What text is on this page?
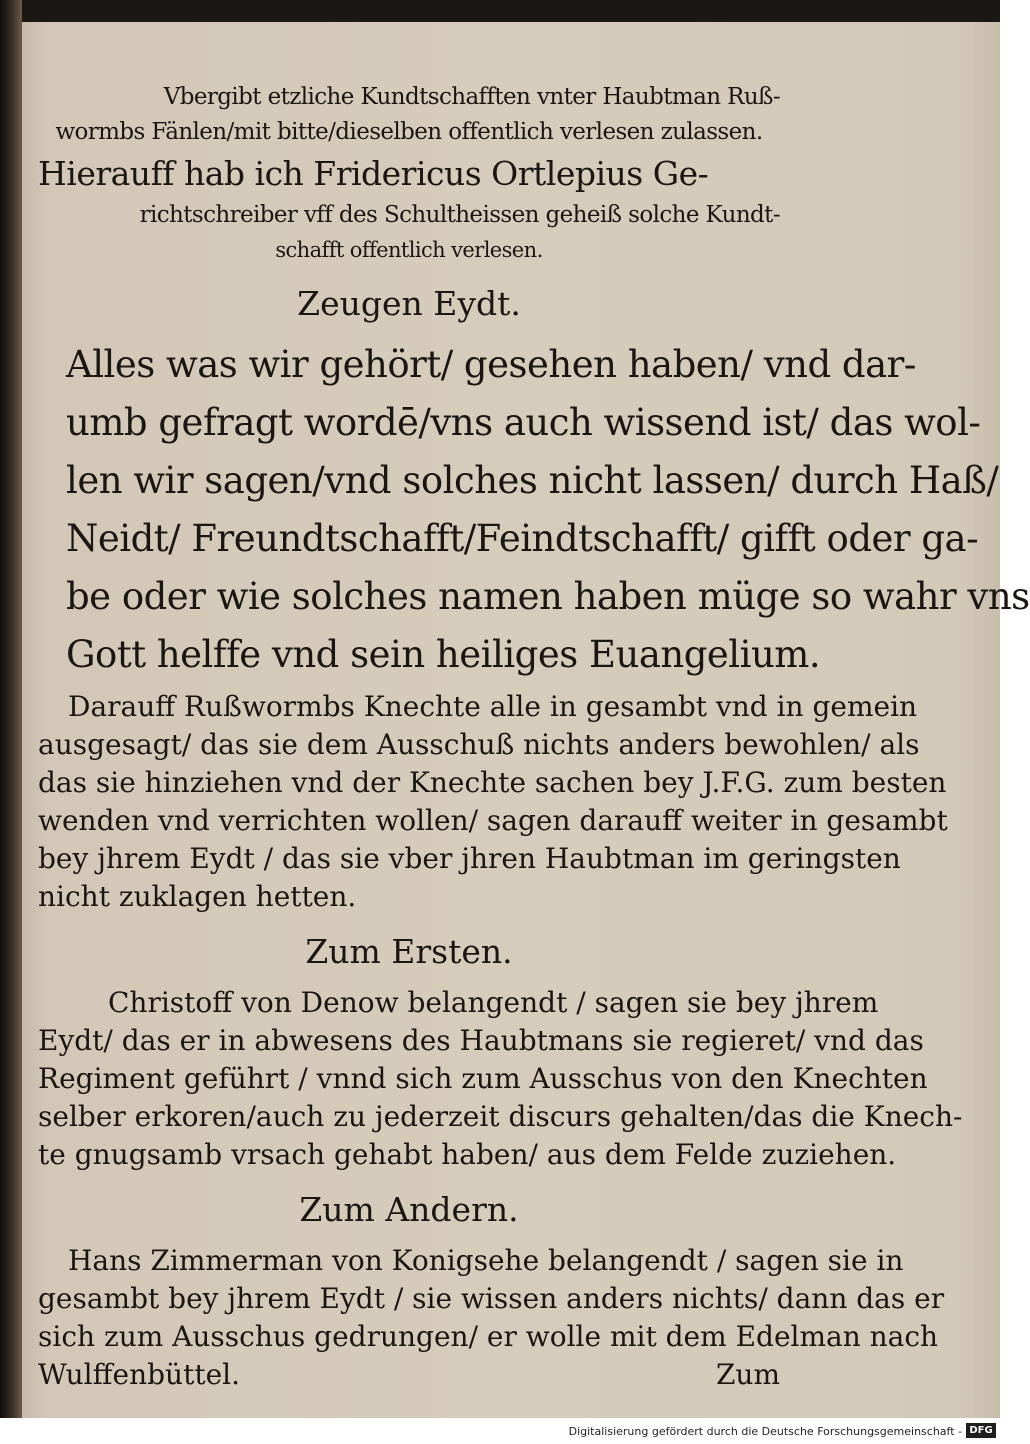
Vbergibt etzliche Kundtschafften vnter Haubtman Ruß-
wormbs Fänlen/mit bitte/dieselben offentlich verlesen zulassen.
Hierauff hab ich Fridericus Ortlepius Ge-
richtschreiber vff des Schultheissen geheiß solche Kundt-
schafft offentlich verlesen.
Zeugen Eydt.
Alles was wir gehört/ gesehen haben/ vnd dar-
umb gefragt wordē/vns auch wissend ist/ das wol-
len wir sagen/vnd solches nicht lassen/ durch Haß/
Neidt/ Freundtschafft/Feindtschafft/ gifft oder ga-
be oder wie solches namen haben müge so wahr vns
Gott helffe vnd sein heiliges Euangelium.
Darauff Rußwormbs Knechte alle in gesambt vnd in gemein
ausgesagt/ das sie dem Ausschuß nichts anders bewohlen/ als
das sie hinziehen vnd der Knechte sachen bey J.F.G. zum besten
wenden vnd verrichten wollen/ sagen darauff weiter in gesambt
bey jhrem Eydt / das sie vber jhren Haubtman im geringsten
nicht zuklagen hetten.
Zum Ersten.
Christoff von Denow belangendt / sagen sie bey jhrem
Eydt/ das er in abwesens des Haubtmans sie regieret/ vnd das
Regiment geführt / vnnd sich zum Ausschus von den Knechten
selber erkoren/auch zu jederzeit discurs gehalten/das die Knech-
te gnugsamb vrsach gehabt haben/ aus dem Felde zuziehen.
Zum Andern.
Hans Zimmerman von Konigsehe belangendt / sagen sie in
gesambt bey jhrem Eydt / sie wissen anders nichts/ dann das er
sich zum Ausschus gedrungen/ er wolle mit dem Edelman nach
Wulffenbüttel.	Zum
Digitalisierung gefördert durch die Deutsche Forschungsgemeinschaft - DFG
